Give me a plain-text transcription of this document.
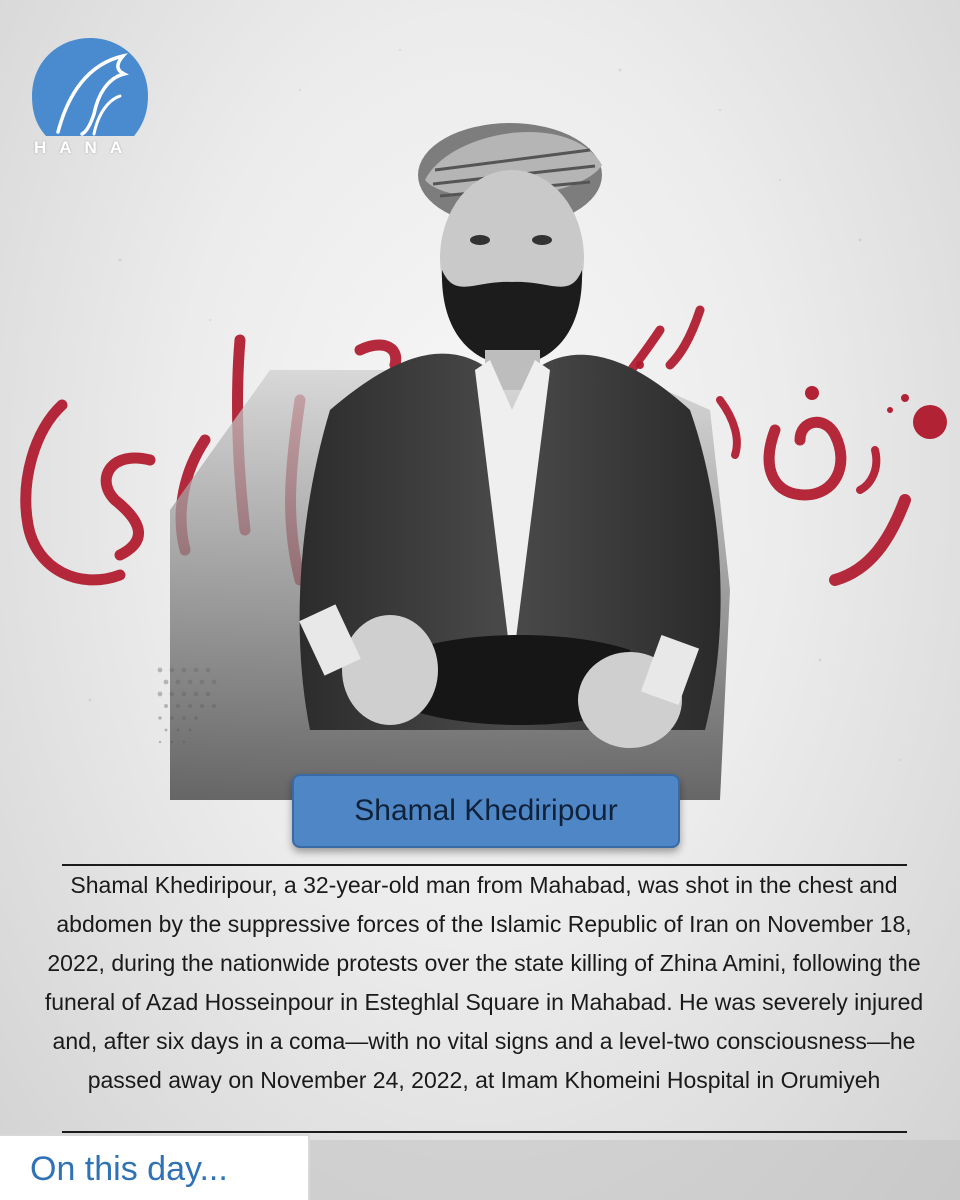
HANA
Shamal Khediripour
Shamal Khediripour, a 32-year-old man from Mahabad, was shot in the chest and abdomen by the suppressive forces of the Islamic Republic of Iran on November 18, 2022, during the nationwide protests over the state killing of Zhina Amini, following the funeral of Azad Hosseinpour in Esteghlal Square in Mahabad. He was severely injured and, after six days in a coma—with no vital signs and a level-two consciousness—he passed away on November 24, 2022, at Imam Khomeini Hospital in Orumiyeh
On this day...
